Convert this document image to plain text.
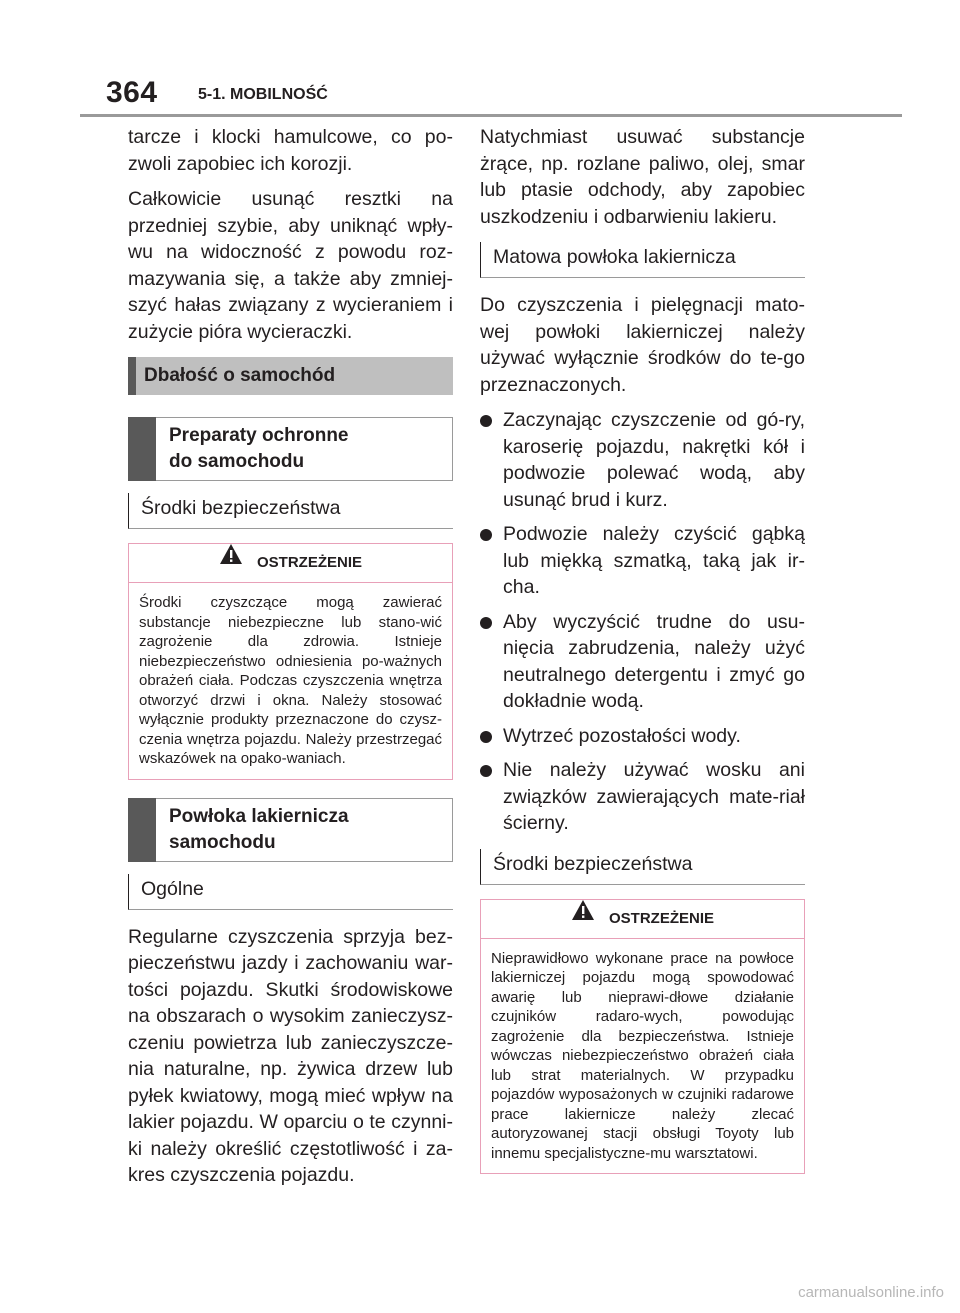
364	5-1. MOBILNOŚĆ

tarcze i klocki hamulcowe, co po-zwoli zapobiec ich korozji.

Całkowicie usunąć resztki na przedniej szybie, aby uniknąć wpły-wu na widoczność z powodu roz-mazywania się, a także aby zmniej-szyć hałas związany z wycieraniem i zużycie pióra wycieraczki.

Dbałość o samochód
Preparaty ochronne
do samochodu
Środki bezpieczeństwa
OSTRZEŻENIE
Środki czyszczące mogą zawierać substancje niebezpieczne lub stano-wić zagrożenie dla zdrowia. Istnieje niebezpieczeństwo odniesienia po-ważnych obrażeń ciała. Podczas czyszczenia wnętrza otworzyć drzwi i okna. Należy stosować wyłącznie produkty przeznaczone do czysz-czenia wnętrza pojazdu. Należy przestrzegać wskazówek na opako-waniach.
Powłoka lakiernicza
samochodu
Ogólne

Regularne czyszczenia sprzyja bez-pieczeństwu jazdy i zachowaniu war-tości pojazdu. Skutki środowiskowe na obszarach o wysokim zanieczysz-czeniu powietrza lub zanieczyszcze-nia naturalne, np. żywica drzew lub pyłek kwiatowy, mogą mieć wpływ na lakier pojazdu. W oparciu o te czynni-ki należy określić częstotliwość i za-kres czyszczenia pojazdu.

Natychmiast usuwać substancje żrące, np. rozlane paliwo, olej, smar lub ptasie odchody, aby zapobiec uszkodzeniu i odbarwieniu lakieru.

Matowa powłoka lakiernicza

Do czyszczenia i pielęgnacji mato-wej powłoki lakierniczej należy używać wyłącznie środków do te-go przeznaczonych.

Zaczynając czyszczenie od gó-ry, karoserię pojazdu, nakrętki kół i podwozie polewać wodą, aby usunąć brud i kurz.
Podwozie należy czyścić gąbką lub miękką szmatką, taką jak ir-cha.
Aby wyczyścić trudne do usu-nięcia zabrudzenia, należy użyć neutralnego detergentu i zmyć go dokładnie wodą.
Wytrzeć pozostałości wody.
Nie należy używać wosku ani związków zawierających mate-riał ścierny.
Środki bezpieczeństwa
OSTRZEŻENIE
Nieprawidłowo wykonane prace na powłoce lakierniczej pojazdu mogą spowodować awarię lub nieprawi-dłowe działanie czujników radaro-wych, powodując zagrożenie dla bezpieczeństwa. Istnieje wówczas niebezpieczeństwo obrażeń ciała lub strat materialnych. W przypadku pojazdów wyposażonych w czujniki radarowe prace lakiernicze należy zlecać autoryzowanej stacji obsługi Toyoty lub innemu specjalistyczne-mu warsztatowi.
carmanualsonline.info
